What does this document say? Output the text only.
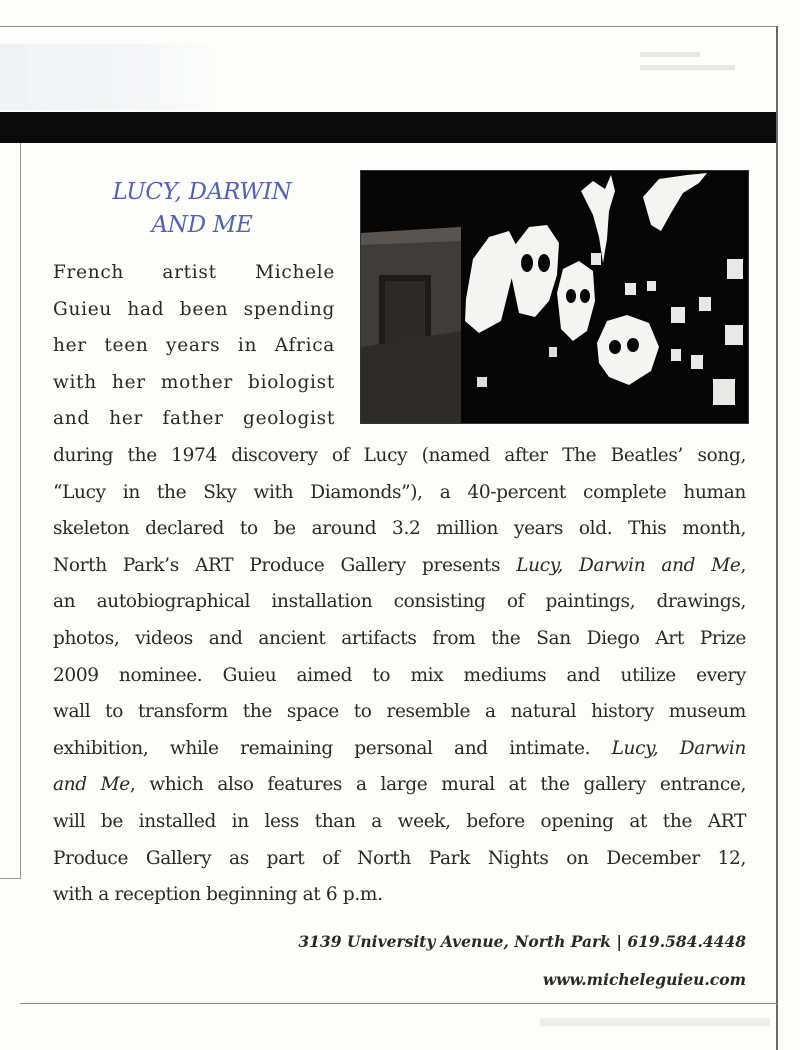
LUCY, DARWIN
AND ME
French artist Michele
Guieu had been spending
her teen years in Africa
with her mother biologist
and her father geologist
during the 1974 discovery of Lucy (named after The Beatles’ song,
“Lucy in the Sky with Diamonds”), a 40-percent complete human
skeleton declared to be around 3.2 million years old. This month,
North Park’s ART Produce Gallery presents Lucy, Darwin and Me,
an autobiographical installation consisting of paintings, drawings,
photos, videos and ancient artifacts from the San Diego Art Prize
2009 nominee. Guieu aimed to mix mediums and utilize every
wall to transform the space to resemble a natural history museum
exhibition, while remaining personal and intimate. Lucy, Darwin
and Me, which also features a large mural at the gallery entrance,
will be installed in less than a week, before opening at the ART
Produce Gallery as part of North Park Nights on December 12,
with a reception beginning at 6 p.m.
3139 University Avenue, North Park | 619.584.4448
www.micheleguieu.com
